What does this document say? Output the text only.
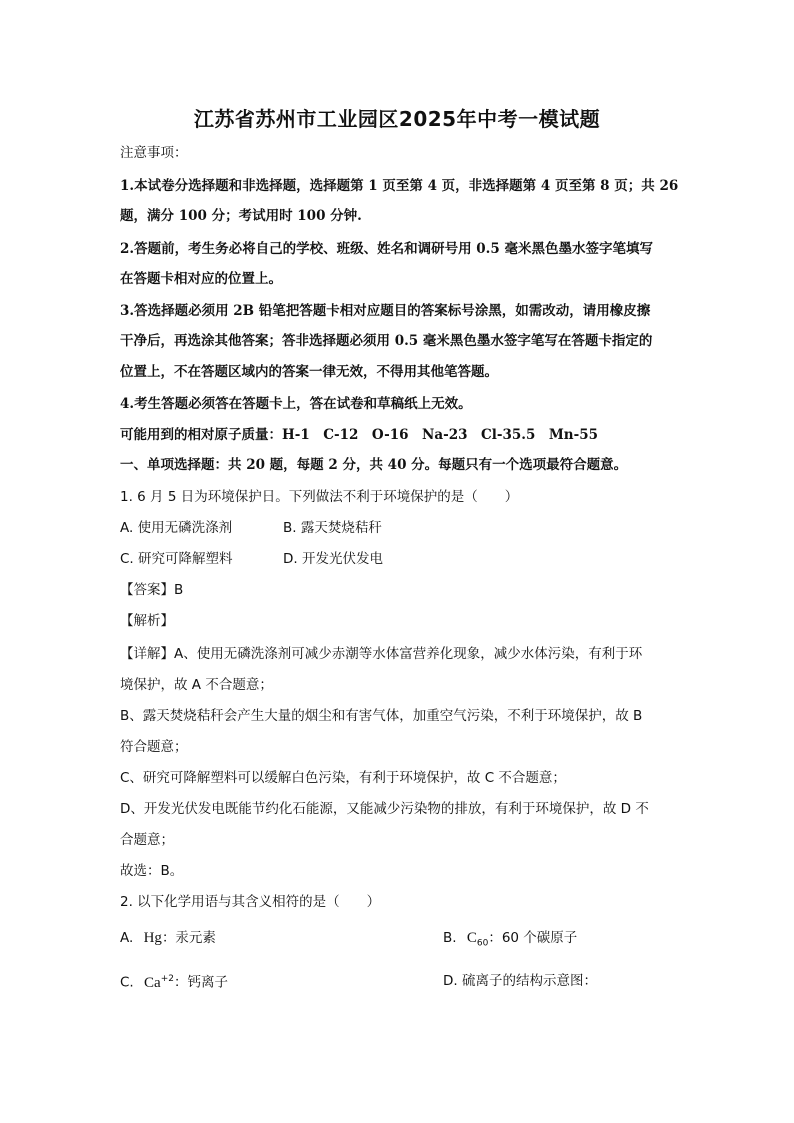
江苏省苏州市工业园区2025年中考一模试题
注意事项：
1.本试卷分选择题和非选择题，选择题第 1 页至第 4 页，非选择题第 4 页至第 8 页；共 26
题，满分 100 分；考试用时 100 分钟.
2.答题前，考生务必将自己的学校、班级、姓名和调研号用 0.5 毫米黑色墨水签字笔填写
在答题卡相对应的位置上。
3.答选择题必须用 2B 铅笔把答题卡相对应题目的答案标号涂黑，如需改动，请用橡皮擦
干净后，再选涂其他答案；答非选择题必须用 0.5 毫米黑色墨水签字笔写在答题卡指定的
位置上，不在答题区域内的答案一律无效，不得用其他笔答题。
4.考生答题必须答在答题卡上，答在试卷和草稿纸上无效。
可能用到的相对原子质量：H-1　C-12　O-16　Na-23　Cl-35.5　Mn-55
一、单项选择题：共 20 题，每题 2 分，共 40 分。每题只有一个选项最符合题意。
1. 6 月 5 日为环境保护日。下列做法不利于环境保护的是（　　）
A. 使用无磷洗涤剂	B. 露天焚烧秸秆
C. 研究可降解塑料	D. 开发光伏发电
【答案】B
【解析】
【详解】A、使用无磷洗涤剂可减少赤潮等水体富营养化现象，减少水体污染，有利于环
境保护，故 A 不合题意；
B、露天焚烧秸秆会产生大量的烟尘和有害气体，加重空气污染，不利于环境保护，故 B
符合题意；
C、研究可降解塑料可以缓解白色污染，有利于环境保护，故 C 不合题意；
D、开发光伏发电既能节约化石能源，又能减少污染物的排放，有利于环境保护，故 D 不
合题意；
故选：B。
2. 以下化学用语与其含义相符的是（　　）
A. Hg：汞元素	B. $C_{60}$：60 个碳原子
C. $Ca^{+2}$：钙离子	D. 硫离子的结构示意图：
